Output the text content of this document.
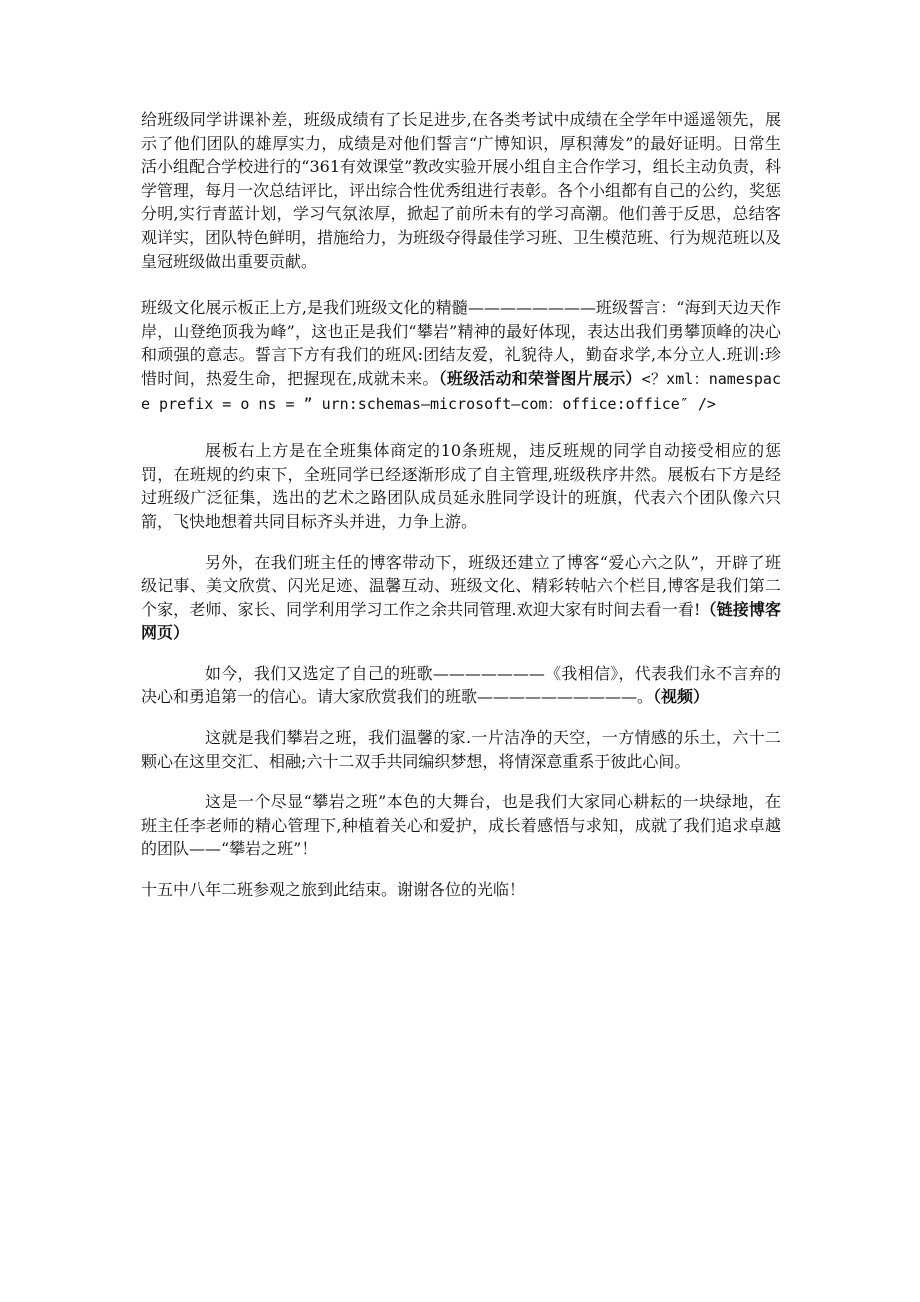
给班级同学讲课补差，班级成绩有了长足进步,在各类考试中成绩在全学年中遥遥领先，展示了他们团队的雄厚实力，成绩是对他们誓言“广博知识，厚积薄发”的最好证明。日常生活小组配合学校进行的“361有效课堂”教改实验开展小组自主合作学习，组长主动负责，科学管理，每月一次总结评比，评出综合性优秀组进行表彰。各个小组都有自己的公约，奖惩分明,实行青蓝计划，学习气氛浓厚，掀起了前所未有的学习高潮。他们善于反思，总结客观详实，团队特色鲜明，措施给力，为班级夺得最佳学习班、卫生模范班、行为规范班以及皇冠班级做出重要贡献。

班级文化展示板正上方,是我们班级文化的精髓————————班级誓言：“海到天边天作岸，山登绝顶我为峰”，这也正是我们“攀岩”精神的最好体现，表达出我们勇攀顶峰的决心和顽强的意志。誓言下方有我们的班风:团结友爱，礼貌待人，勤奋求学,本分立人.班训:珍惜时间，热爱生命，把握现在,成就未来。（班级活动和荣誉图片展示）<？xml：namespace prefix = o ns = ” urn:schemas—microsoft—com：office:office″ />

展板右上方是在全班集体商定的10条班规，违反班规的同学自动接受相应的惩罚，在班规的约束下，全班同学已经逐渐形成了自主管理,班级秩序井然。展板右下方是经过班级广泛征集，选出的艺术之路团队成员延永胜同学设计的班旗，代表六个团队像六只箭，飞快地想着共同目标齐头并进，力争上游。

另外，在我们班主任的博客带动下，班级还建立了博客“爱心六之队”，开辟了班级记事、美文欣赏、闪光足迹、温馨互动、班级文化、精彩转帖六个栏目,博客是我们第二个家，老师、家长、同学利用学习工作之余共同管理.欢迎大家有时间去看一看!（链接博客网页）

如今，我们又选定了自己的班歌———————《我相信》，代表我们永不言弃的决心和勇追第一的信心。请大家欣赏我们的班歌——————————。（视频）

这就是我们攀岩之班，我们温馨的家.一片洁净的天空，一方情感的乐土，六十二颗心在这里交汇、相融;六十二双手共同编织梦想，将情深意重系于彼此心间。

这是一个尽显“攀岩之班”本色的大舞台，也是我们大家同心耕耘的一块绿地，在班主任李老师的精心管理下,种植着关心和爱护，成长着感悟与求知，成就了我们追求卓越的团队——“攀岩之班”！

十五中八年二班参观之旅到此结束。谢谢各位的光临！
